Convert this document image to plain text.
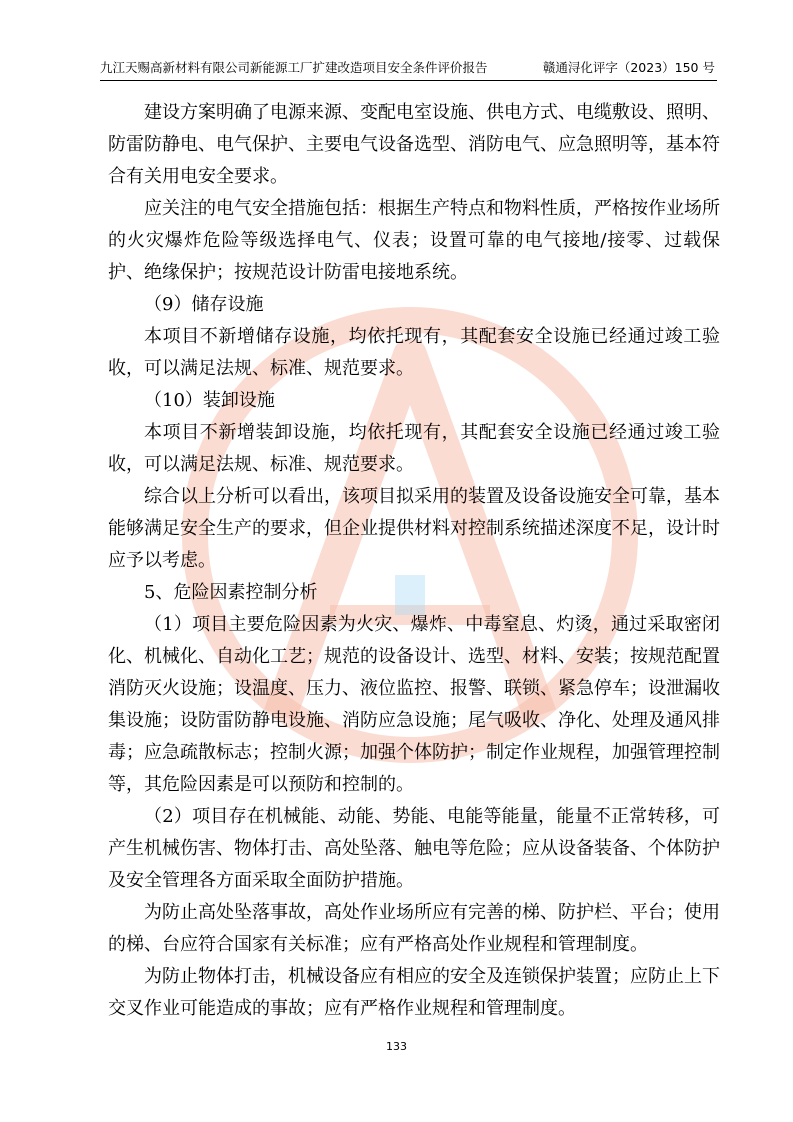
九江天赐高新材料有限公司新能源工厂扩建改造项目安全条件评价报告	赣通浔化评字（2023）150 号

建设方案明确了电源来源、变配电室设施、供电方式、电缆敷设、照明、防雷防静电、电气保护、主要电气设备选型、消防电气、应急照明等，基本符合有关用电安全要求。

应关注的电气安全措施包括：根据生产特点和物料性质，严格按作业场所的火灾爆炸危险等级选择电气、仪表；设置可靠的电气接地/接零、过载保护、绝缘保护；按规范设计防雷电接地系统。

（9）储存设施

本项目不新增储存设施，均依托现有，其配套安全设施已经通过竣工验收，可以满足法规、标准、规范要求。

（10）装卸设施

本项目不新增装卸设施，均依托现有，其配套安全设施已经通过竣工验收，可以满足法规、标准、规范要求。

综合以上分析可以看出，该项目拟采用的装置及设备设施安全可靠，基本能够满足安全生产的要求，但企业提供材料对控制系统描述深度不足，设计时应予以考虑。

5、危险因素控制分析

（1）项目主要危险因素为火灾、爆炸、中毒窒息、灼烫，通过采取密闭化、机械化、自动化工艺；规范的设备设计、选型、材料、安装；按规范配置消防灭火设施；设温度、压力、液位监控、报警、联锁、紧急停车；设泄漏收集设施；设防雷防静电设施、消防应急设施；尾气吸收、净化、处理及通风排毒；应急疏散标志；控制火源；加强个体防护；制定作业规程，加强管理控制等，其危险因素是可以预防和控制的。

（2）项目存在机械能、动能、势能、电能等能量，能量不正常转移，可产生机械伤害、物体打击、高处坠落、触电等危险；应从设备装备、个体防护及安全管理各方面采取全面防护措施。

为防止高处坠落事故，高处作业场所应有完善的梯、防护栏、平台；使用的梯、台应符合国家有关标准；应有严格高处作业规程和管理制度。

为防止物体打击，机械设备应有相应的安全及连锁保护装置；应防止上下交叉作业可能造成的事故；应有严格作业规程和管理制度。

133
